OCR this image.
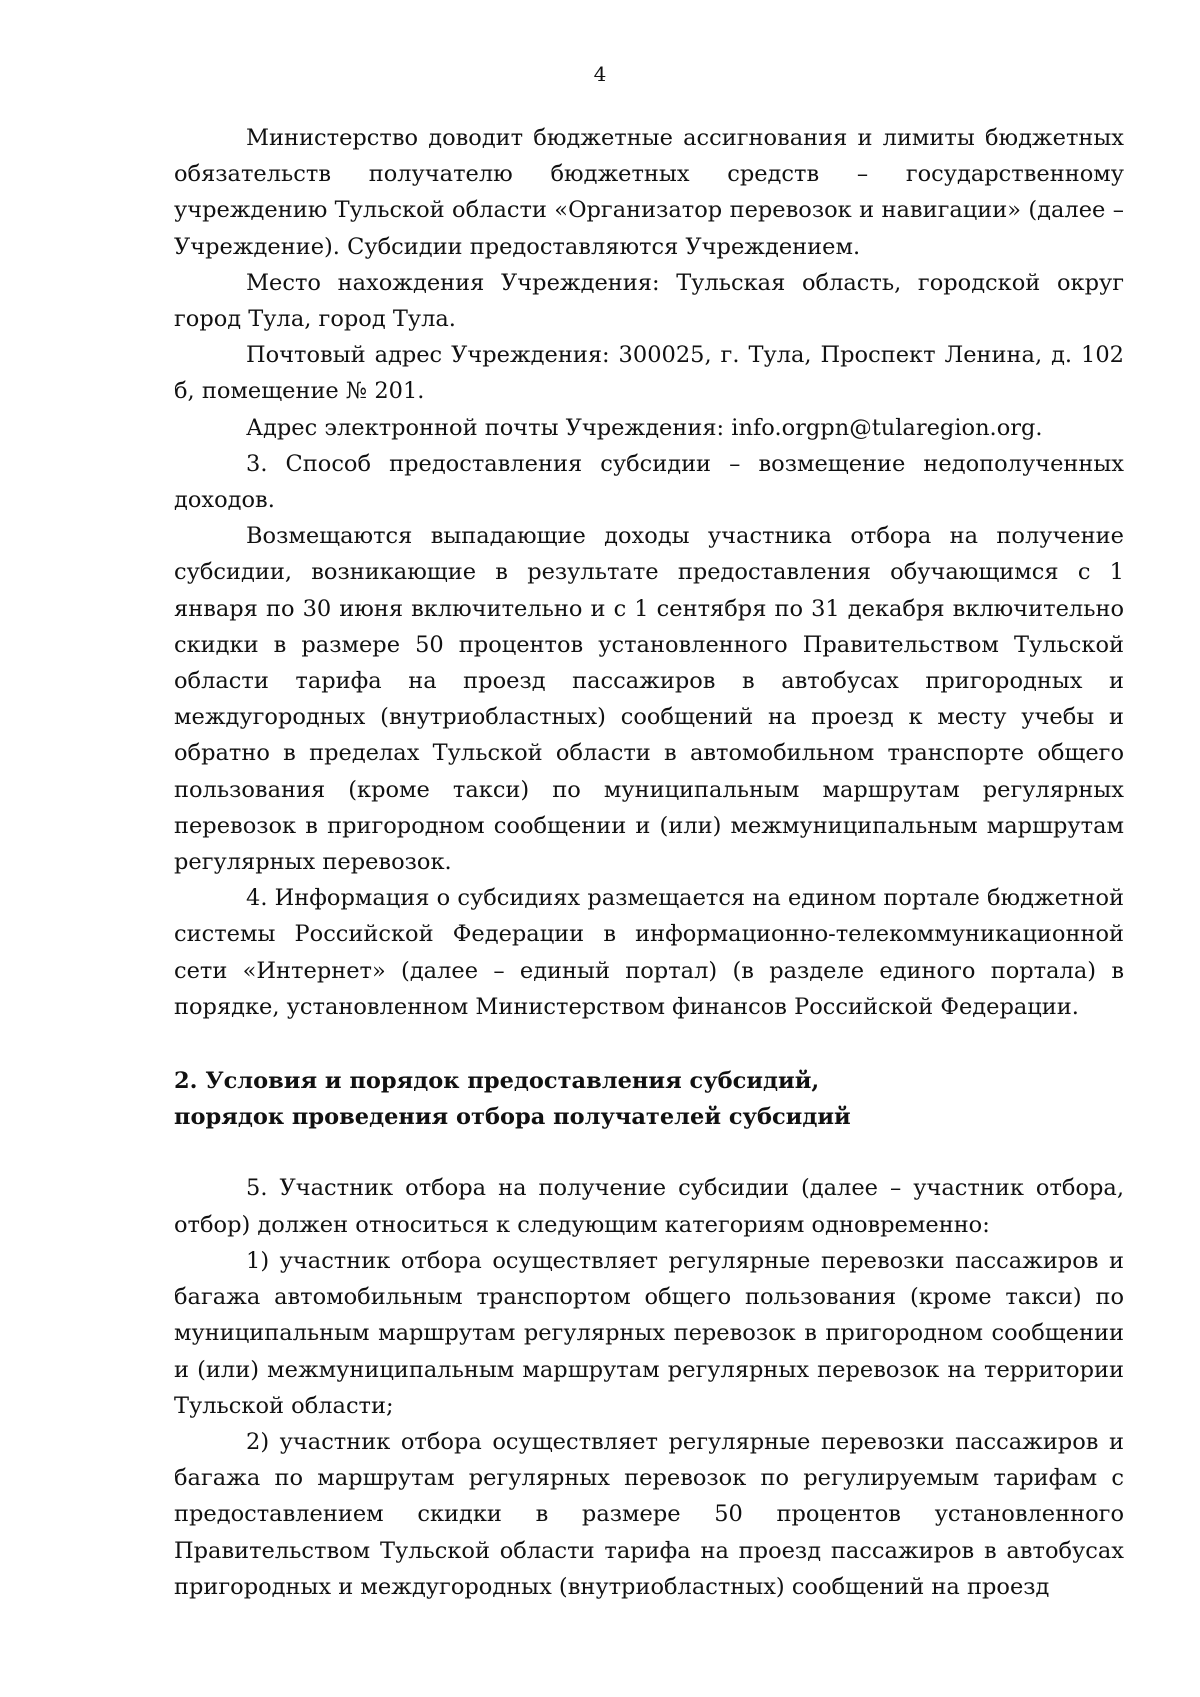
4

Министерство доводит бюджетные ассигнования и лимиты бюджетных обязательств получателю бюджетных средств – государственному учреждению Тульской области «Организатор перевозок и навигации» (далее – Учреждение). Субсидии предоставляются Учреждением.

Место нахождения Учреждения: Тульская область, городской округ город Тула, город Тула.

Почтовый адрес Учреждения: 300025, г. Тула, Проспект Ленина, д. 102 б, помещение № 201.

Адрес электронной почты Учреждения: info.orgpn@tularegion.org.

3. Способ предоставления субсидии – возмещение недополученных доходов.

Возмещаются выпадающие доходы участника отбора на получение субсидии, возникающие в результате предоставления обучающимся с 1 января по 30 июня включительно и с 1 сентября по 31 декабря включительно скидки в размере 50 процентов установленного Правительством Тульской области тарифа на проезд пассажиров в автобусах пригородных и междугородных (внутриобластных) сообщений на проезд к месту учебы и обратно в пределах Тульской области в автомобильном транспорте общего пользования (кроме такси) по муниципальным маршрутам регулярных перевозок в пригородном сообщении и (или) межмуниципальным маршрутам регулярных перевозок.

4. Информация о субсидиях размещается на едином портале бюджетной системы Российской Федерации в информационно-телекоммуникационной сети «Интернет» (далее – единый портал) (в разделе единого портала) в порядке, установленном Министерством финансов Российской Федерации.

2. Условия и порядок предоставления субсидий,
порядок проведения отбора получателей субсидий

5. Участник отбора на получение субсидии (далее – участник отбора, отбор) должен относиться к следующим категориям одновременно:

1) участник отбора осуществляет регулярные перевозки пассажиров и багажа автомобильным транспортом общего пользования (кроме такси) по муниципальным маршрутам регулярных перевозок в пригородном сообщении и (или) межмуниципальным маршрутам регулярных перевозок на территории Тульской области;

2) участник отбора осуществляет регулярные перевозки пассажиров и багажа по маршрутам регулярных перевозок по регулируемым тарифам с предоставлением скидки в размере 50 процентов установленного Правительством Тульской области тарифа на проезд пассажиров в автобусах пригородных и междугородных (внутриобластных) сообщений на проезд
